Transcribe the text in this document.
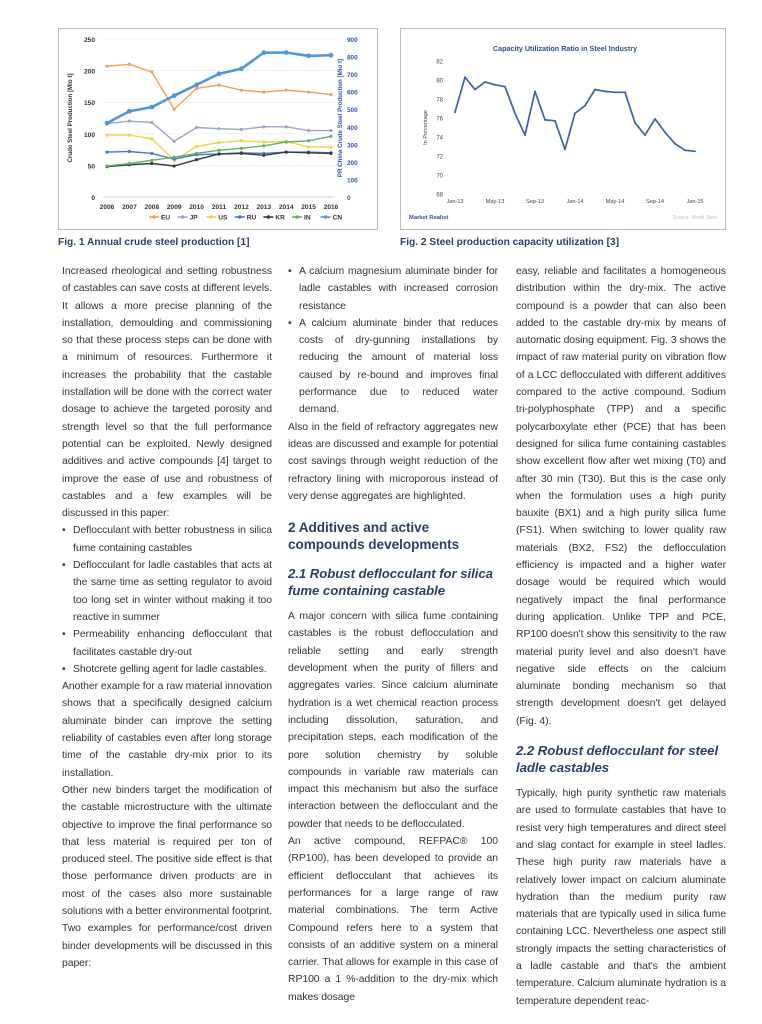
0
50
100
150
200
250
0
100
200
300
400
500
600
700
800
900
Crude Steel Production [Mio t]	PR China Crude Steel Production [Mio t]
2006 2007 2008 2009 2010 2011 2012 2013 2014 2015 2016
EU	JP	US	RU	KR	IN	CN
Fig. 1 Annual crude steel production [1]
Capacity Utilization Ratio in Steel Industry
68
70
72
74
76
78
80
82
In Percentage
Jan-13	May-13	Sep-13	Jan-14	May-14	Sep-14	Jan-15
Market Realist	Source: World Steel
Fig. 2 Steel production capacity utilization [3]

Increased rheological and setting robustness of castables can save costs at different levels. It allows a more precise planning of the installation, demoulding and commissioning so that these process steps can be done with a minimum of resources. Furthermore it increases the probability that the castable installation will be done with the correct water dosage to achieve the targeted porosity and strength level so that the full performance potential can be exploited. Newly designed additives and active compounds [4] target to improve the ease of use and robustness of castables and a few examples will be discussed in this paper:

• Deflocculant with better robustness in silica fume containing castables
• Deflocculant for ladle castables that acts at the same time as setting regulator to avoid too long set in winter without making it too reactive in summer
• Permeability enhancing deflocculant that facilitates castable dry-out
• Shotcrete gelling agent for ladle castables.

Another example for a raw material innovation shows that a specifically designed calcium aluminate binder can improve the setting reliability of castables even after long storage time of the castable dry-mix prior to its installation.

Other new binders target the modification of the castable microstructure with the ultimate objective to improve the final performance so that less material is required per ton of produced steel. The positive side effect is that those performance driven products are in most of the cases also more sustainable solutions with a better environmental footprint. Two examples for performance/cost driven binder developments will be discussed in this paper:

• A calcium magnesium aluminate binder for ladle castables with increased corrosion resistance
• A calcium aluminate binder that reduces costs of dry-gunning installations by reducing the amount of material loss caused by re-bound and improves final performance due to reduced water demand.

Also in the field of refractory aggregates new ideas are discussed and example for potential cost savings through weight reduction of the refractory lining with microporous instead of very dense aggregates are highlighted.

2 Additives and active compounds developments
2.1 Robust deflocculant for silica fume containing castable

A major concern with silica fume containing castables is the robust deflocculation and reliable setting and early strength development when the purity of fillers and aggregates varies. Since calcium aluminate hydration is a wet chemical reaction process including dissolution, saturation, and precipitation steps, each modification of the pore solution chemistry by soluble compounds in variable raw materials can impact this mechanism but also the surface interaction between the deflocculant and the powder that needs to be deflocculated.

An active compound, REFPAC® 100 (RP100), has been developed to provide an efficient deflocculant that achieves its performances for a large range of raw material combinations. The term Active Compound refers here to a system that consists of an additive system on a mineral carrier. That allows for example in this case of RP100 a 1 %-addition to the dry-mix which makes dosage

easy, reliable and facilitates a homogeneous distribution within the dry-mix. The active compound is a powder that can also been added to the castable dry-mix by means of automatic dosing equipment. Fig. 3 shows the impact of raw material purity on vibration flow of a LCC deflocculated with different additives compared to the active compound. Sodium tri-polyphosphate (TPP) and a specific polycarboxylate ether (PCE) that has been designed for silica fume containing castables show excellent flow after wet mixing (T0) and after 30 min (T30). But this is the case only when the formulation uses a high purity bauxite (BX1) and a high purity silica fume (FS1). When switching to lower quality raw materials (BX2, FS2) the deflocculation efficiency is impacted and a higher water dosage would be required which would negatively impact the final performance during application. Unlike TPP and PCE, RP100 doesn't show this sensitivity to the raw material purity level and also doesn't have negative side effects on the calcium aluminate bonding mechanism so that strength development doesn't get delayed (Fig. 4).

2.2 Robust deflocculant for steel ladle castables

Typically, high purity synthetic raw materials are used to formulate castables that have to resist very high temperatures and direct steel and slag contact for example in steel ladles. These high purity raw materials have a relatively lower impact on calcium aluminate hydration than the medium purity raw materials that are typically used in silica fume containing LCC. Nevertheless one aspect still strongly impacts the setting characteristics of a ladle castable and that's the ambient temperature. Calcium aluminate hydration is a temperature dependent reac-
